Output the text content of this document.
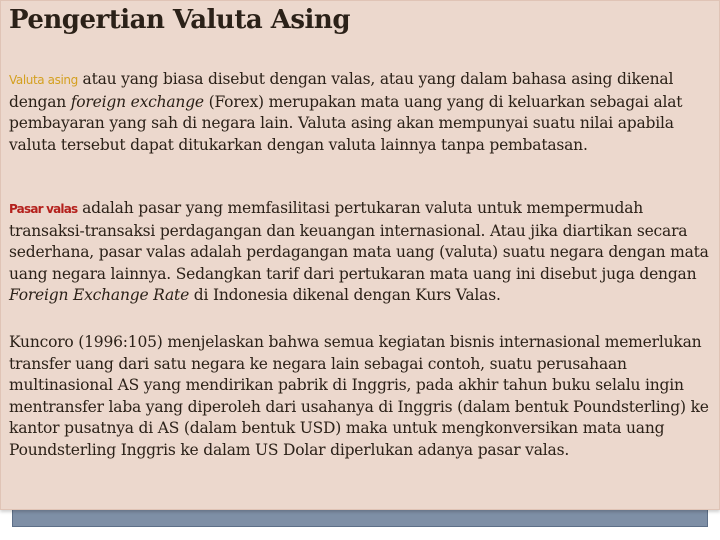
Pengertian Valuta Asing

Valuta asing atau yang biasa disebut dengan valas, atau yang dalam bahasa asing dikenal dengan foreign exchange (Forex) merupakan mata uang yang di keluarkan sebagai alat pembayaran yang sah di negara lain. Valuta asing akan mempunyai suatu nilai apabila valuta tersebut dapat ditukarkan dengan valuta lainnya tanpa pembatasan.

Pasar valas adalah pasar yang memfasilitasi pertukaran valuta untuk mempermudah transaksi-transaksi perdagangan dan keuangan internasional. Atau jika diartikan secara sederhana, pasar valas adalah perdagangan mata uang (valuta) suatu negara dengan mata uang negara lainnya. Sedangkan tarif dari pertukaran mata uang ini disebut juga dengan Foreign Exchange Rate di Indonesia dikenal dengan Kurs Valas.

Kuncoro (1996:105) menjelaskan bahwa semua kegiatan bisnis internasional memerlukan transfer uang dari satu negara ke negara lain sebagai contoh, suatu perusahaan multinasional AS yang mendirikan pabrik di Inggris, pada akhir tahun buku selalu ingin mentransfer laba yang diperoleh dari usahanya di Inggris (dalam bentuk Poundsterling) ke kantor pusatnya di AS (dalam bentuk USD) maka untuk mengkonversikan mata uang Poundsterling Inggris ke dalam US Dolar diperlukan adanya pasar valas.
